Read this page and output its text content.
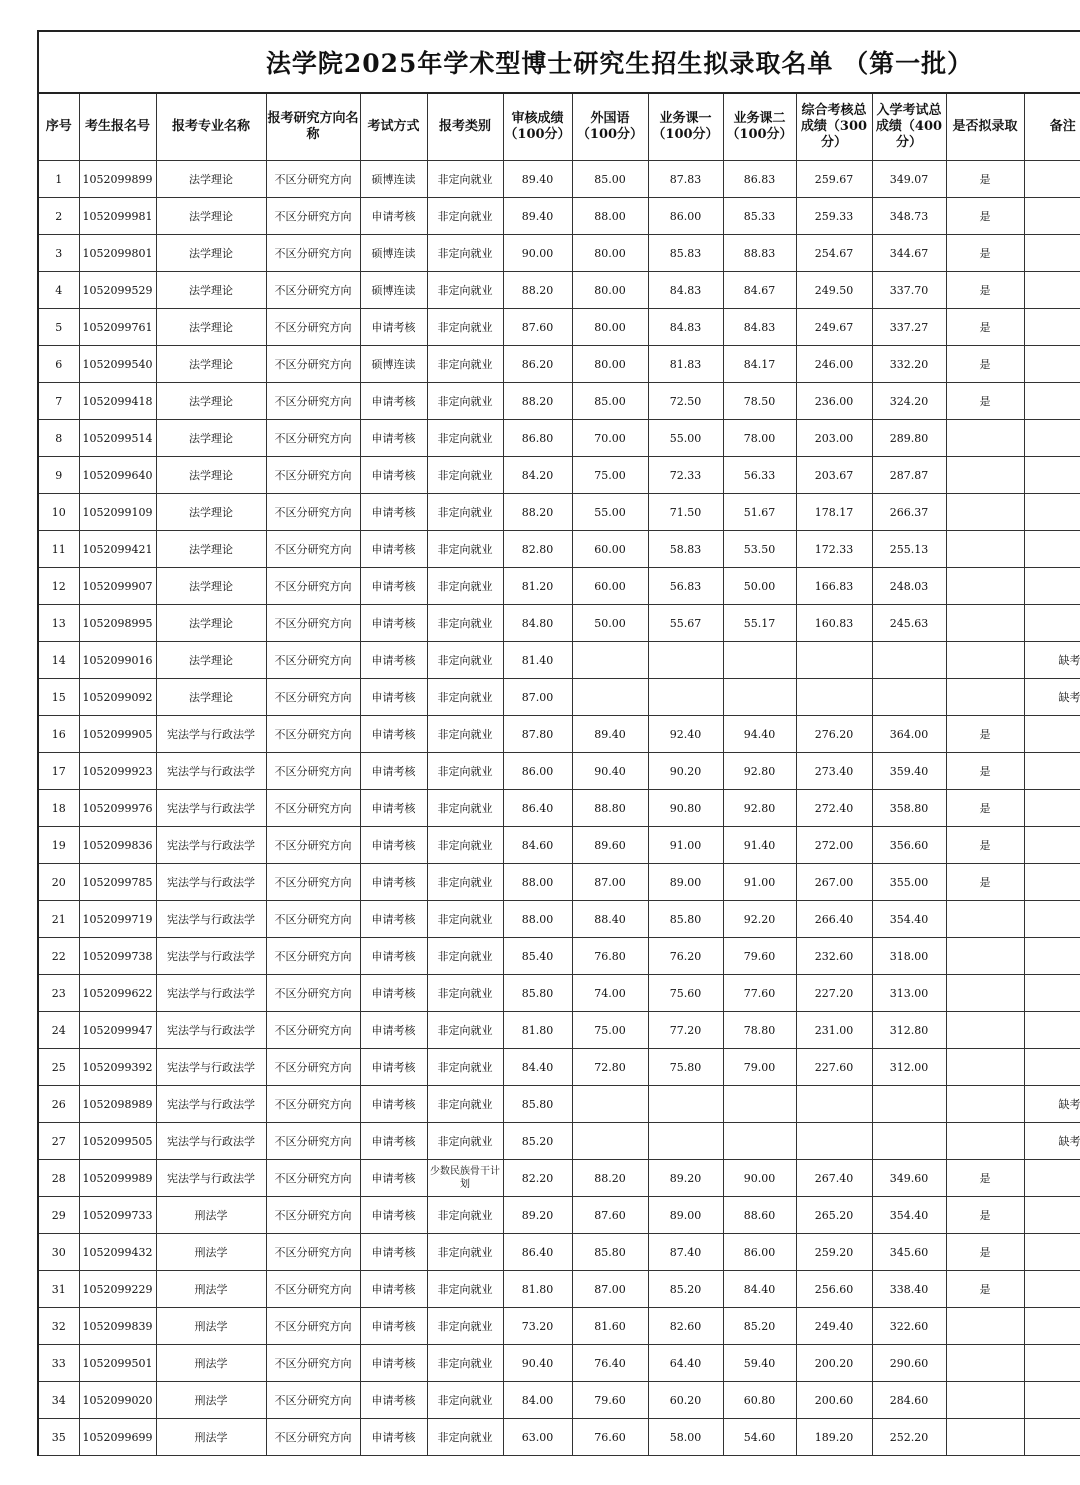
法学院2025年学术型博士研究生招生拟录取名单 （第一批）
序号	考生报名号	报考专业名称	报考研究方向名称	考试方式	报考类别	审核成绩（100分）	外国语（100分）	业务课一（100分）	业务课二（100分）	综合考核总成绩（300分）	入学考试总成绩（400分）	是否拟录取	备注
1	1052099899	法学理论	不区分研究方向	硕博连读	非定向就业	89.40	85.00	87.83	86.83	259.67	349.07	是	
2	1052099981	法学理论	不区分研究方向	申请考核	非定向就业	89.40	88.00	86.00	85.33	259.33	348.73	是	
3	1052099801	法学理论	不区分研究方向	硕博连读	非定向就业	90.00	80.00	85.83	88.83	254.67	344.67	是	
4	1052099529	法学理论	不区分研究方向	硕博连读	非定向就业	88.20	80.00	84.83	84.67	249.50	337.70	是	
5	1052099761	法学理论	不区分研究方向	申请考核	非定向就业	87.60	80.00	84.83	84.83	249.67	337.27	是	
6	1052099540	法学理论	不区分研究方向	硕博连读	非定向就业	86.20	80.00	81.83	84.17	246.00	332.20	是	
7	1052099418	法学理论	不区分研究方向	申请考核	非定向就业	88.20	85.00	72.50	78.50	236.00	324.20	是	
8	1052099514	法学理论	不区分研究方向	申请考核	非定向就业	86.80	70.00	55.00	78.00	203.00	289.80		
9	1052099640	法学理论	不区分研究方向	申请考核	非定向就业	84.20	75.00	72.33	56.33	203.67	287.87		
10	1052099109	法学理论	不区分研究方向	申请考核	非定向就业	88.20	55.00	71.50	51.67	178.17	266.37		
11	1052099421	法学理论	不区分研究方向	申请考核	非定向就业	82.80	60.00	58.83	53.50	172.33	255.13		
12	1052099907	法学理论	不区分研究方向	申请考核	非定向就业	81.20	60.00	56.83	50.00	166.83	248.03		
13	1052098995	法学理论	不区分研究方向	申请考核	非定向就业	84.80	50.00	55.67	55.17	160.83	245.63		
14	1052099016	法学理论	不区分研究方向	申请考核	非定向就业	81.40							缺考
15	1052099092	法学理论	不区分研究方向	申请考核	非定向就业	87.00							缺考
16	1052099905	宪法学与行政法学	不区分研究方向	申请考核	非定向就业	87.80	89.40	92.40	94.40	276.20	364.00	是	
17	1052099923	宪法学与行政法学	不区分研究方向	申请考核	非定向就业	86.00	90.40	90.20	92.80	273.40	359.40	是	
18	1052099976	宪法学与行政法学	不区分研究方向	申请考核	非定向就业	86.40	88.80	90.80	92.80	272.40	358.80	是	
19	1052099836	宪法学与行政法学	不区分研究方向	申请考核	非定向就业	84.60	89.60	91.00	91.40	272.00	356.60	是	
20	1052099785	宪法学与行政法学	不区分研究方向	申请考核	非定向就业	88.00	87.00	89.00	91.00	267.00	355.00	是	
21	1052099719	宪法学与行政法学	不区分研究方向	申请考核	非定向就业	88.00	88.40	85.80	92.20	266.40	354.40		
22	1052099738	宪法学与行政法学	不区分研究方向	申请考核	非定向就业	85.40	76.80	76.20	79.60	232.60	318.00		
23	1052099622	宪法学与行政法学	不区分研究方向	申请考核	非定向就业	85.80	74.00	75.60	77.60	227.20	313.00		
24	1052099947	宪法学与行政法学	不区分研究方向	申请考核	非定向就业	81.80	75.00	77.20	78.80	231.00	312.80		
25	1052099392	宪法学与行政法学	不区分研究方向	申请考核	非定向就业	84.40	72.80	75.80	79.00	227.60	312.00		
26	1052098989	宪法学与行政法学	不区分研究方向	申请考核	非定向就业	85.80							缺考
27	1052099505	宪法学与行政法学	不区分研究方向	申请考核	非定向就业	85.20							缺考
28	1052099989	宪法学与行政法学	不区分研究方向	申请考核	少数民族骨干计划	82.20	88.20	89.20	90.00	267.40	349.60	是	
29	1052099733	刑法学	不区分研究方向	申请考核	非定向就业	89.20	87.60	89.00	88.60	265.20	354.40	是	
30	1052099432	刑法学	不区分研究方向	申请考核	非定向就业	86.40	85.80	87.40	86.00	259.20	345.60	是	
31	1052099229	刑法学	不区分研究方向	申请考核	非定向就业	81.80	87.00	85.20	84.40	256.60	338.40	是	
32	1052099839	刑法学	不区分研究方向	申请考核	非定向就业	73.20	81.60	82.60	85.20	249.40	322.60		
33	1052099501	刑法学	不区分研究方向	申请考核	非定向就业	90.40	76.40	64.40	59.40	200.20	290.60		
34	1052099020	刑法学	不区分研究方向	申请考核	非定向就业	84.00	79.60	60.20	60.80	200.60	284.60		
35	1052099699	刑法学	不区分研究方向	申请考核	非定向就业	63.00	76.60	58.00	54.60	189.20	252.20		
